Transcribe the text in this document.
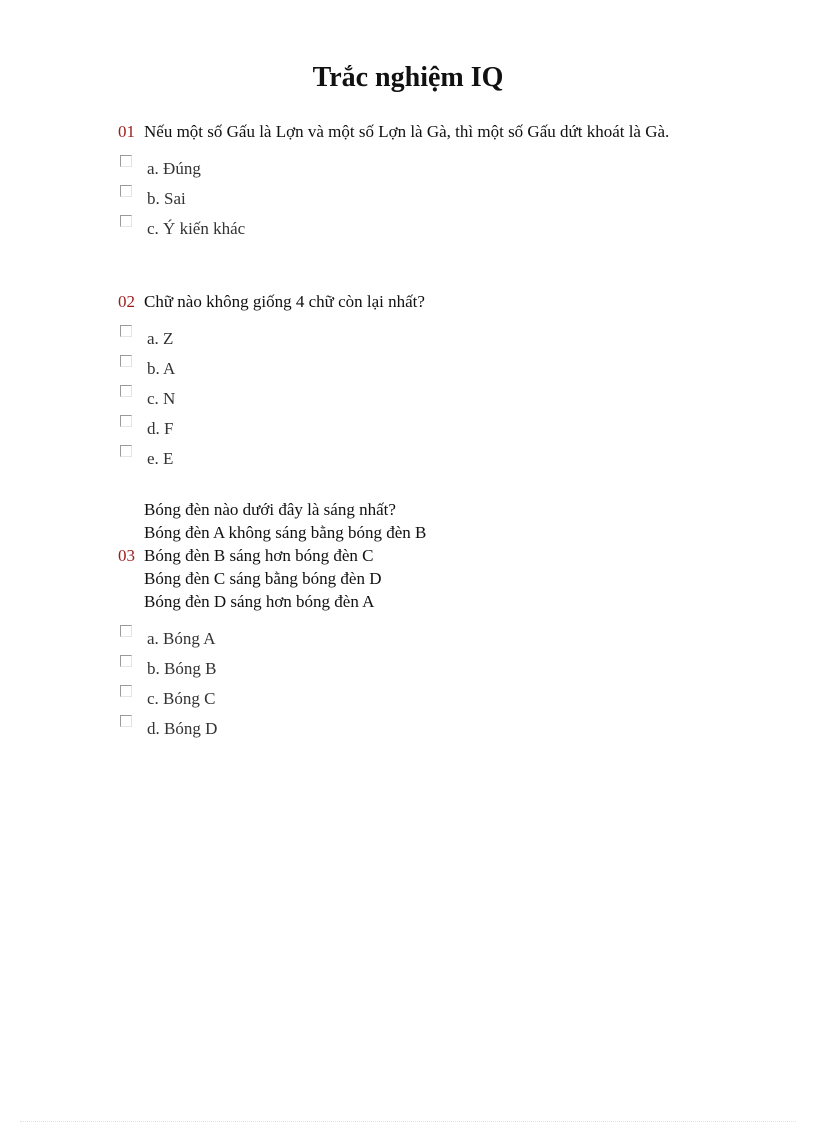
Trắc nghiệm IQ
01 Nếu một số Gấu là Lợn và một số Lợn là Gà, thì một số Gấu dứt khoát là Gà.
a. Đúng
b. Sai
c. Ý kiến khác
02 Chữ nào không giống 4 chữ còn lại nhất?
a. Z
b. A
c. N
d. F
e. E
03
Bóng đèn nào dưới đây là sáng nhất?
Bóng đèn A không sáng bằng bóng đèn B
Bóng đèn B sáng hơn bóng đèn C
Bóng đèn C sáng bằng bóng đèn D
Bóng đèn D sáng hơn bóng đèn A
a. Bóng A
b. Bóng B
c. Bóng C
d. Bóng D
